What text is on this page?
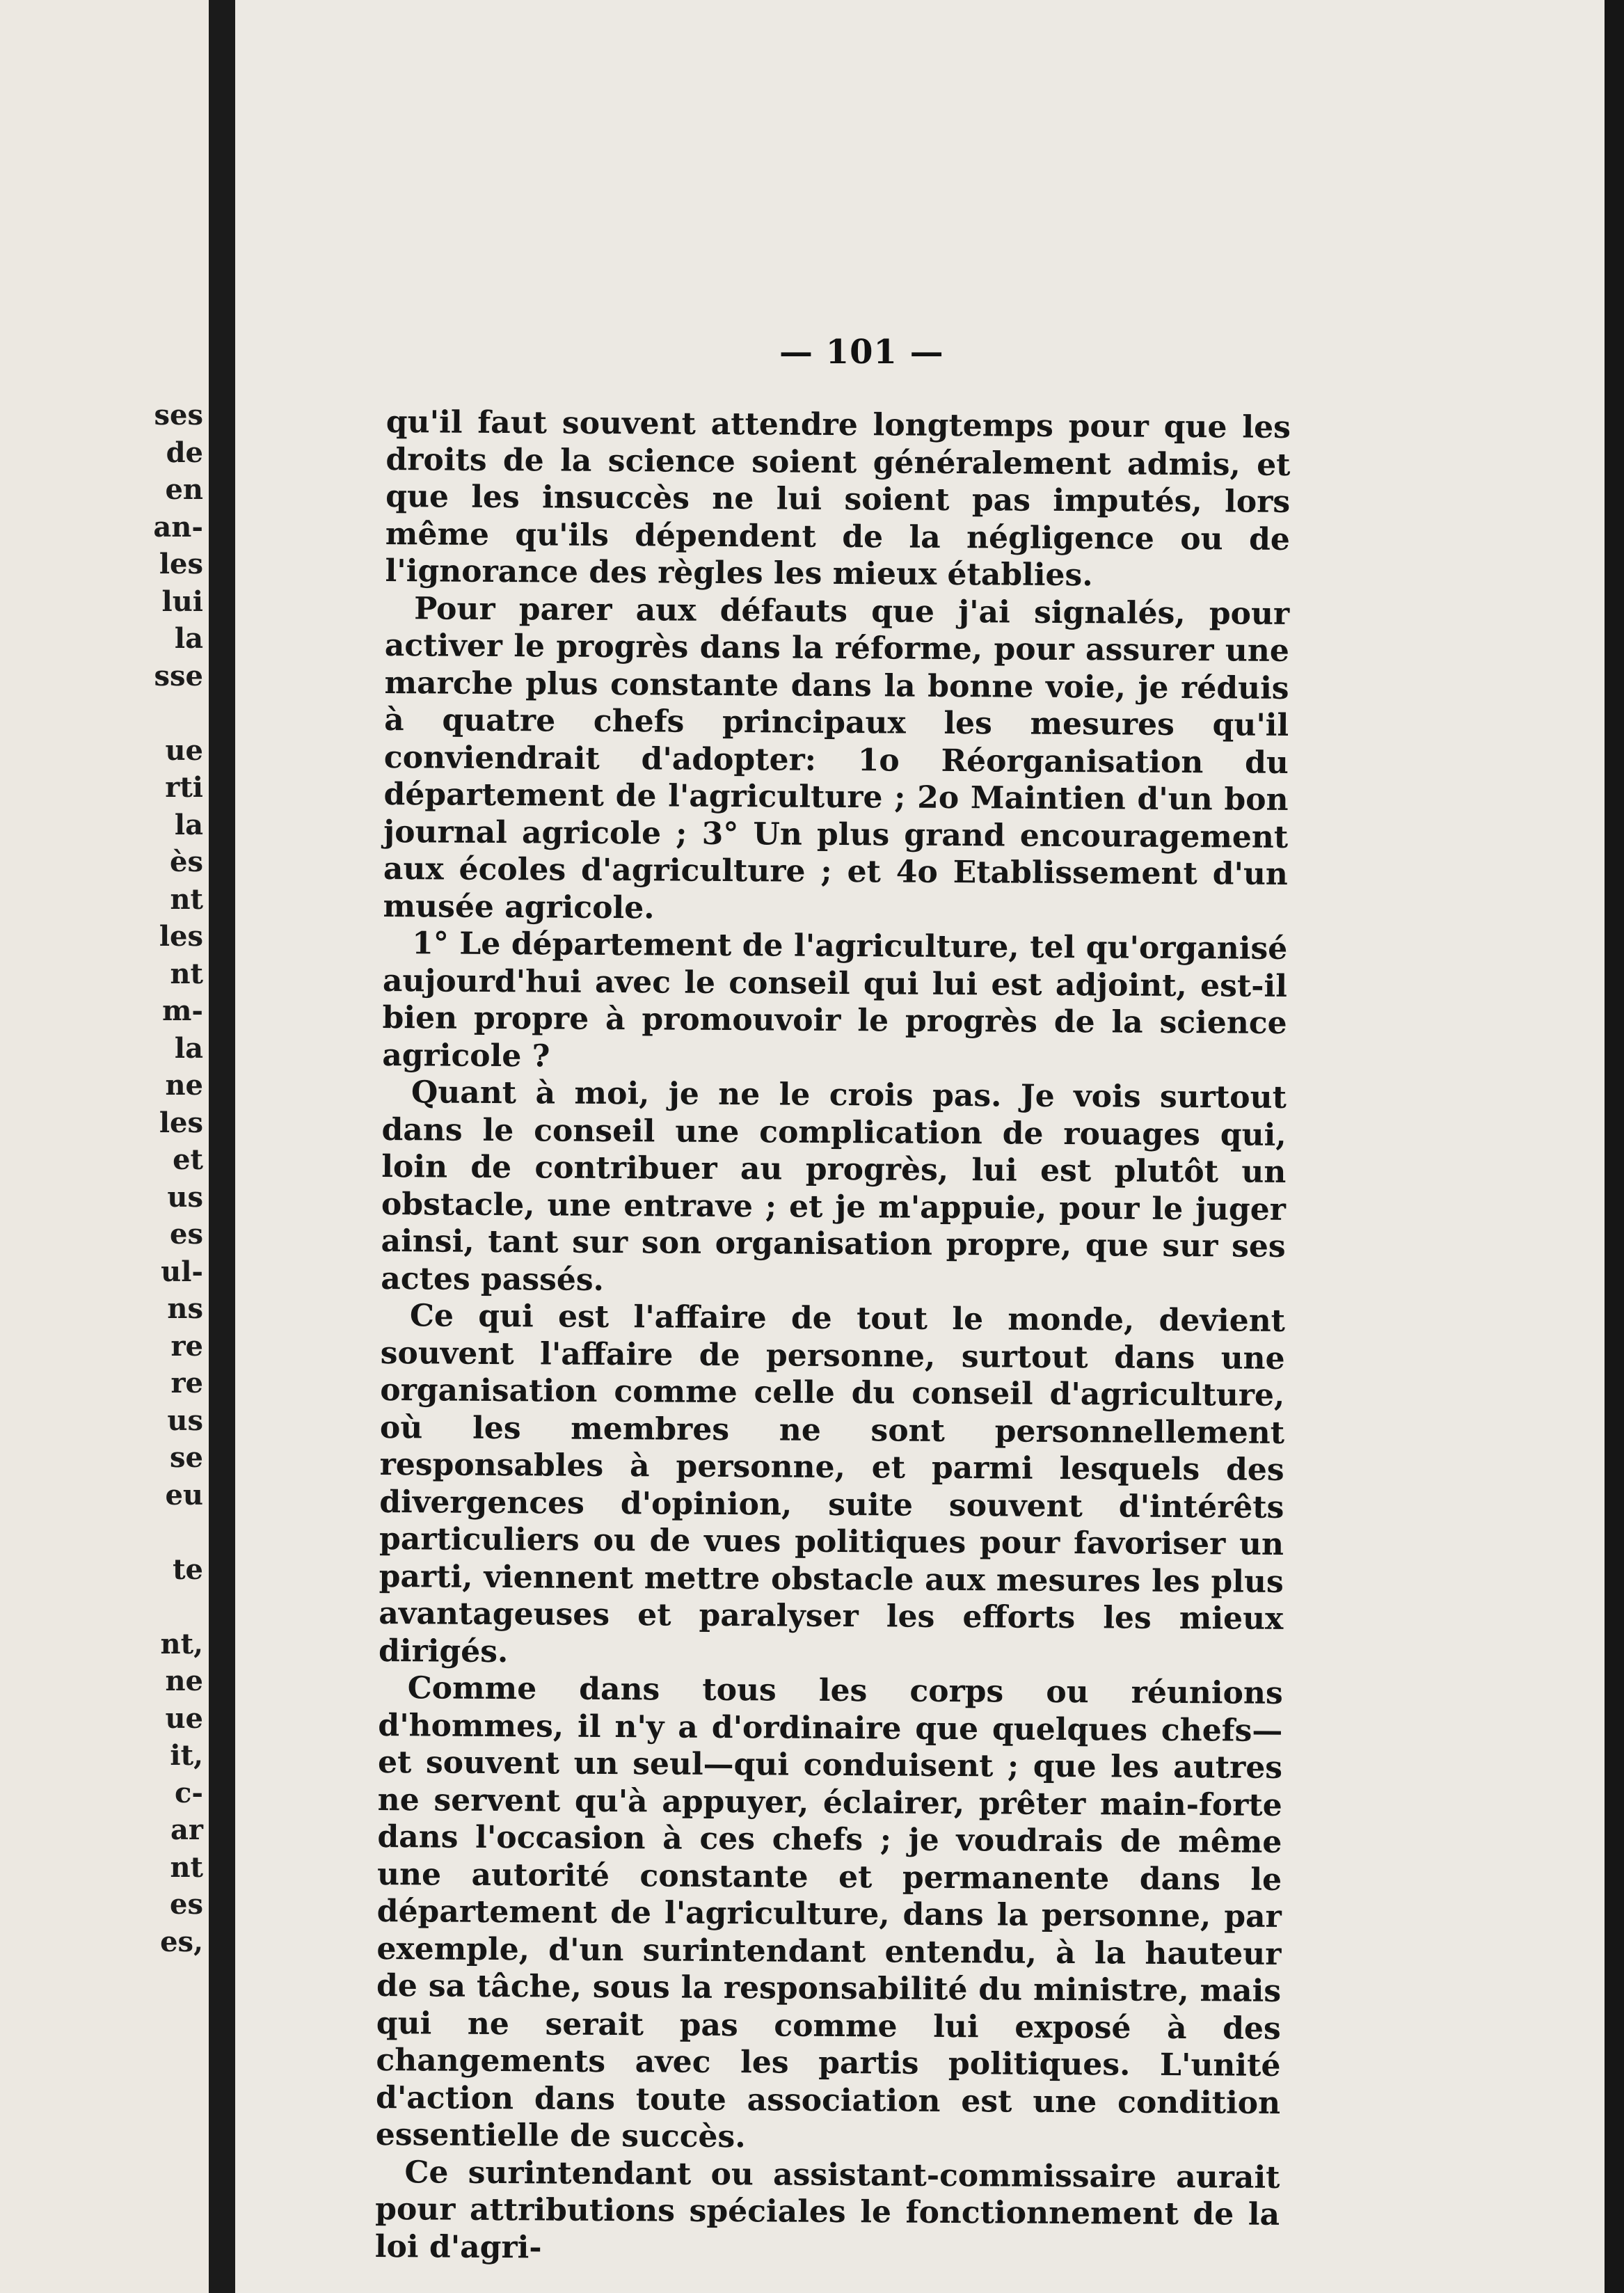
ses
de
en
an-
les
lui
la
sse
ue
rti
la
ès
nt
les
nt
m-
la
ne
les
et
us
es
ul-
ns
re
re
us
se
eu
te
nt,
ne
ue
it,
c-
ar
nt
es
es,
— 101 —

qu'il faut souvent attendre longtemps pour que les droits de la science soient généralement admis, et que les insuccès ne lui soient pas imputés, lors même qu'ils dépendent de la négligence ou de l'ignorance des règles les mieux établies.

Pour parer aux défauts que j'ai signalés, pour activer le progrès dans la réforme, pour assurer une marche plus constante dans la bonne voie, je réduis à quatre chefs principaux les mesures qu'il conviendrait d'adopter: 1o Réorganisation du département de l'agriculture ; 2o Maintien d'un bon journal agricole ; 3° Un plus grand encouragement aux écoles d'agriculture ; et 4o Etablissement d'un musée agricole.

1° Le département de l'agriculture, tel qu'organisé aujourd'hui avec le conseil qui lui est adjoint, est-il bien propre à promouvoir le progrès de la science agricole ?

Quant à moi, je ne le crois pas. Je vois surtout dans le conseil une complication de rouages qui, loin de contribuer au progrès, lui est plutôt un obstacle, une entrave ; et je m'appuie, pour le juger ainsi, tant sur son organisation propre, que sur ses actes passés.

Ce qui est l'affaire de tout le monde, devient souvent l'affaire de personne, surtout dans une organisation comme celle du conseil d'agriculture, où les membres ne sont personnellement responsables à personne, et parmi lesquels des divergences d'opinion, suite souvent d'intérêts particuliers ou de vues politiques pour favoriser un parti, viennent mettre obstacle aux mesures les plus avantageuses et paralyser les efforts les mieux dirigés.

Comme dans tous les corps ou réunions d'hommes, il n'y a d'ordinaire que quelques chefs—et souvent un seul—qui conduisent ; que les autres ne servent qu'à appuyer, éclairer, prêter main-forte dans l'occasion à ces chefs ; je voudrais de même une autorité constante et permanente dans le département de l'agriculture, dans la personne, par exemple, d'un surintendant entendu, à la hauteur de sa tâche, sous la responsabilité du ministre, mais qui ne serait pas comme lui exposé à des changements avec les partis politiques. L'unité d'action dans toute association est une condition essentielle de succès.

Ce surintendant ou assistant-commissaire aurait pour attributions spéciales le fonctionnement de la loi d'agri-
